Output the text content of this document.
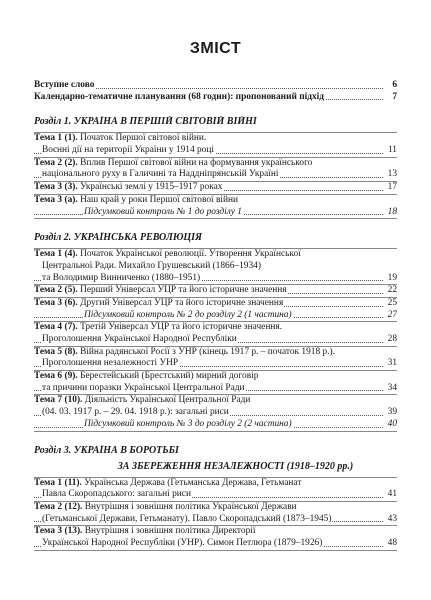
ЗМІСТ
Вступне слово	6
Календарно-тематичне планування (68 годин): пропонований підхід	7
Розділ 1. УКРАЇНА В ПЕРШІЙ СВІТОВІЙ ВІЙНІ
Тема 1 (1). Початок Першої світової війни.
Воєнні дії на території України у 1914 році	11
Тема 2 (2). Вплив Першої світової війни на формування українського
національного руху в Галичині та Наддніпрянській Україні	13
Тема 3 (3). Українські землі у 1915–1917 роках	17
Тема 3 (а). Наш край у роки Першої світової війни
Підсумковий контроль № 1 до розділу 1	18
Розділ 2. УКРАЇНСЬКА РЕВОЛЮЦІЯ
Тема 1 (4). Початок Української революції. Утворення Української
Центральної Ради. Михайло Грушевський (1866–1934)
та Володимир Винниченко (1880–1951)	19
Тема 2 (5). Перший Універсал УЦР та його історичне значення	22
Тема 3 (6). Другий Універсал УЦР та його історичне значення	25
Підсумковий контроль № 2 до розділу 2 (1 частина)	27
Тема 4 (7). Третій Універсал УЦР та його історичне значення.
Проголошення Української Народної Республіки	28
Тема 5 (8). Війна радянської Росії з УНР (кінець 1917 р. – початок 1918 р.).
Проголошення незалежності УНР	31
Тема 6 (9). Берестейський (Брестський) мирний договір
та причини поразки Української Центральної Ради	34
Тема 7 (10). Діяльність Української Центральної Ради
(04. 03. 1917 р. – 29. 04. 1918 р.): загальні риси	39
Підсумковий контроль № 3 до розділу 2 (2 частина)	40
Розділ 3. УКРАЇНА В БОРОТЬБІ
ЗА ЗБЕРЕЖЕННЯ НЕЗАЛЕЖНОСТІ (1918–1920 рр.)
Тема 1 (11). Українська Держава (Гетьманська Держава, Гетьманат
Павла Скоропадського: загальні риси	41
Тема 2 (12). Внутрішня і зовнішня політика Української Держави
(Гетьманської Держави, Гетьманату). Павло Скоропадський (1873–1945)	43
Тема 3 (13). Внутрішня і зовнішня політика Директорії
Української Народної Республіки (УНР). Симон Петлюра (1879–1926)	48
